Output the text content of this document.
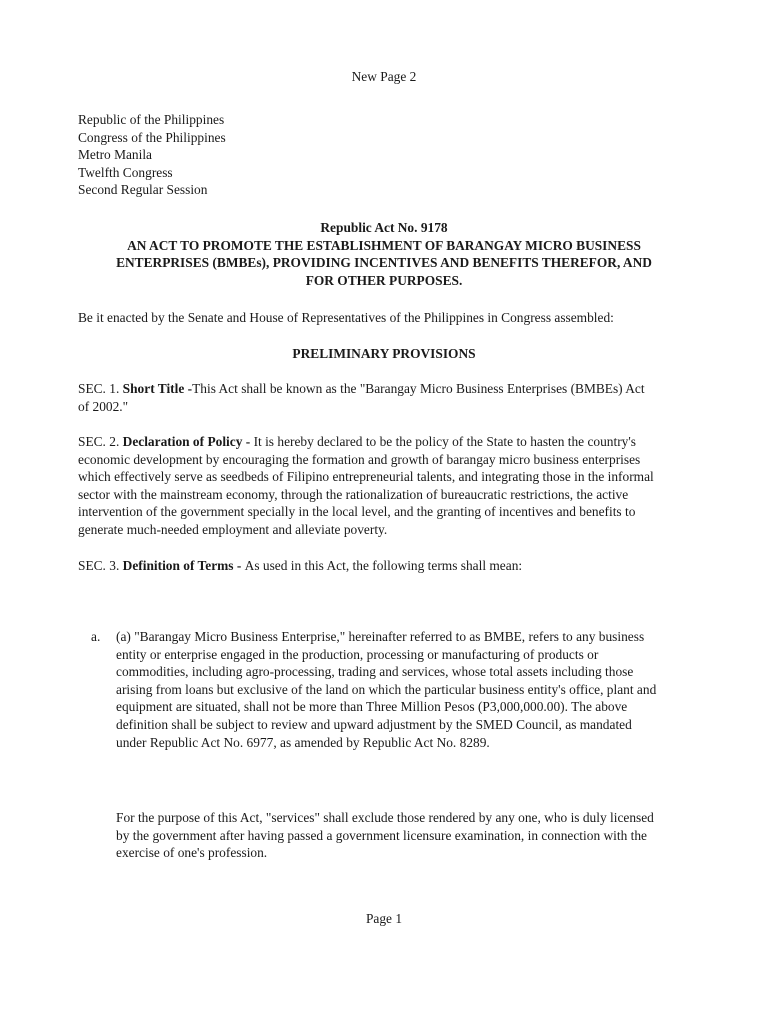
New Page 2
Republic of the Philippines
Congress of the Philippines
Metro Manila
Twelfth Congress
Second Regular Session
Republic Act No. 9178
AN ACT TO PROMOTE THE ESTABLISHMENT OF BARANGAY MICRO BUSINESS
ENTERPRISES (BMBEs), PROVIDING INCENTIVES AND BENEFITS THEREFOR, AND
FOR OTHER PURPOSES.
Be it enacted by the Senate and House of Representatives of the Philippines in Congress assembled:
PRELIMINARY PROVISIONS
SEC. 1. Short Title -This Act shall be known as the "Barangay Micro Business Enterprises (BMBEs) Act
of 2002."
SEC. 2. Declaration of Policy - It is hereby declared to be the policy of the State to hasten the country's
economic development by encouraging the formation and growth of barangay micro business enterprises
which effectively serve as seedbeds of Filipino entrepreneurial talents, and integrating those in the informal
sector with the mainstream economy, through the rationalization of bureaucratic restrictions, the active
intervention of the government specially in the local level, and the granting of incentives and benefits to
generate much-needed employment and alleviate poverty.
SEC. 3. Definition of Terms - As used in this Act, the following terms shall mean:
a. (a) "Barangay Micro Business Enterprise," hereinafter referred to as BMBE, refers to any business
entity or enterprise engaged in the production, processing or manufacturing of products or
commodities, including agro-processing, trading and services, whose total assets including those
arising from loans but exclusive of the land on which the particular business entity's office, plant and
equipment are situated, shall not be more than Three Million Pesos (P3,000,000.00). The above
definition shall be subject to review and upward adjustment by the SMED Council, as mandated
under Republic Act No. 6977, as amended by Republic Act No. 8289.
For the purpose of this Act, "services" shall exclude those rendered by any one, who is duly licensed
by the government after having passed a government licensure examination, in connection with the
exercise of one's profession.
Page 1
